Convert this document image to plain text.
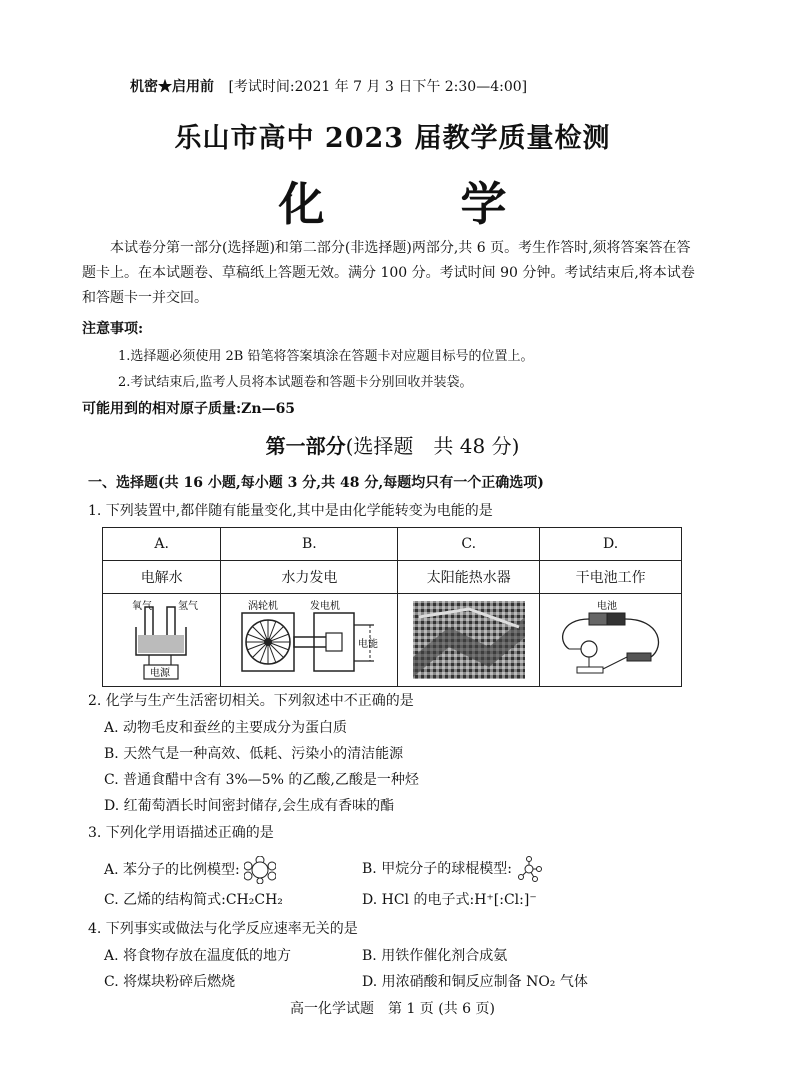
机密★启用前 [考试时间:2021 年 7 月 3 日下午 2:30—4:00]
乐山市高中 2023 届教学质量检测
化 学
本试卷分第一部分(选择题)和第二部分(非选择题)两部分,共 6 页。考生作答时,须将答案答在答题卡上。在本试题卷、草稿纸上答题无效。满分 100 分。考试时间 90 分钟。考试结束后,将本试卷和答题卡一并交回。
注意事项:
1.选择题必须使用 2B 铅笔将答案填涂在答题卡对应题目标号的位置上。
2.考试结束后,监考人员将本试题卷和答题卡分别回收并装袋。
可能用到的相对原子质量:Zn—65
第一部分(选择题　共 48 分)
一、选择题(共 16 小题,每小题 3 分,共 48 分,每题均只有一个正确选项)
1. 下列装置中,都伴随有能量变化,其中是由化学能转变为电能的是
A.	B.	C.	D.
电解水	水力发电	太阳能热水器	干电池工作

氧气 氢气
电源	涡轮机 发电机
电能		电池
2. 化学与生产生活密切相关。下列叙述中不正确的是
A. 动物毛皮和蚕丝的主要成分为蛋白质
B. 天然气是一种高效、低耗、污染小的清洁能源
C. 普通食醋中含有 3%—5% 的乙酸,乙酸是一种烃
D. 红葡萄酒长时间密封储存,会生成有香味的酯
3. 下列化学用语描述正确的是
A. 苯分子的比例模型:	B. 甲烷分子的球棍模型:
C. 乙烯的结构简式:CH₂CH₂	D. HCl 的电子式:H⁺[:Cl:]⁻
4. 下列事实或做法与化学反应速率无关的是
A. 将食物存放在温度低的地方	B. 用铁作催化剂合成氨
C. 将煤块粉碎后燃烧	D. 用浓硝酸和铜反应制备 NO₂ 气体
高一化学试题　第 1 页 (共 6 页)
